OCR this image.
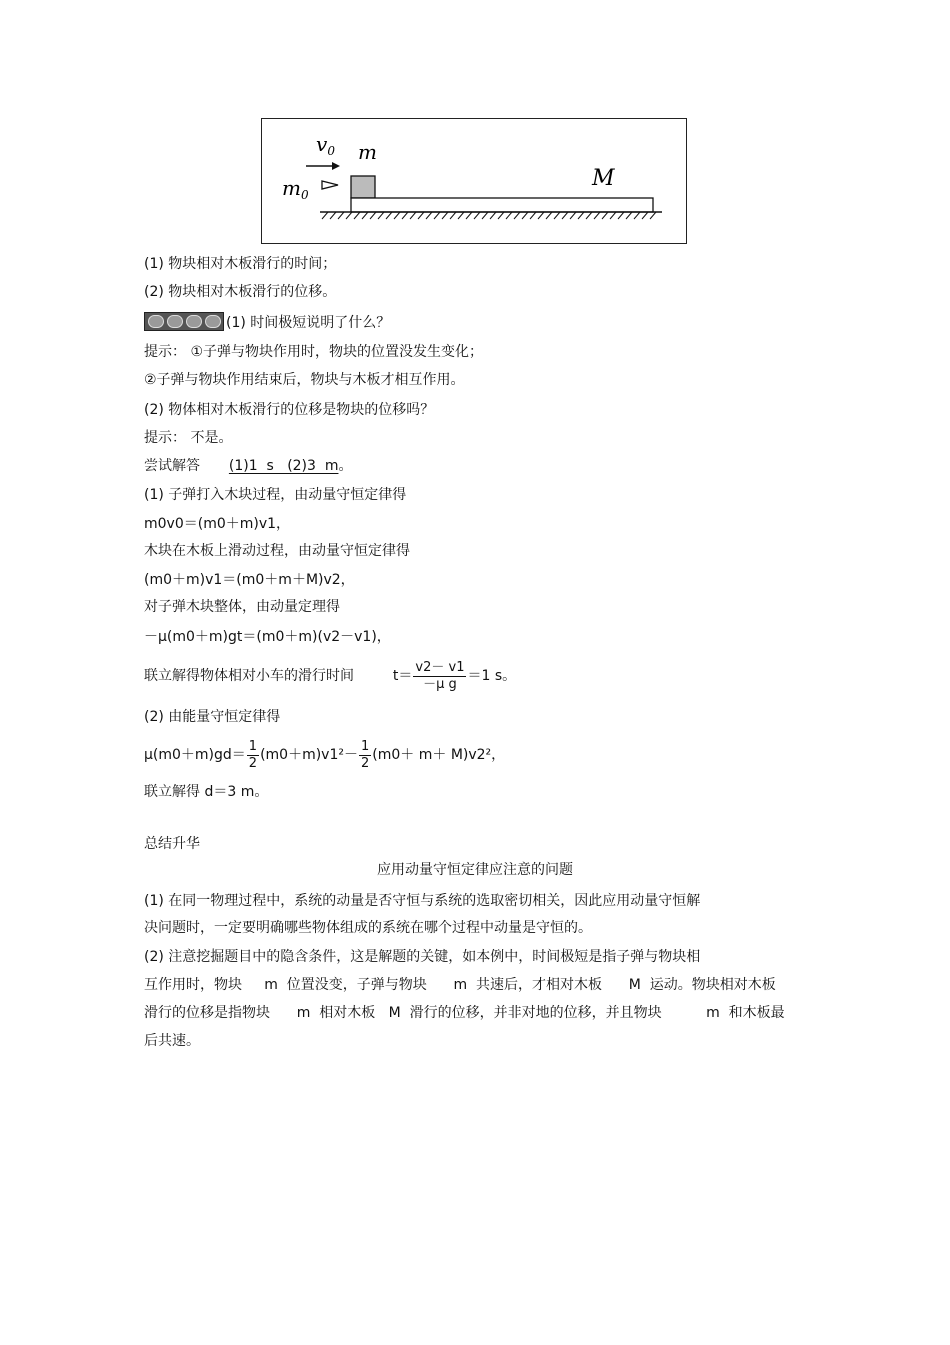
$v_0$ m
$m_0$
M
(1) 物块相对木板滑行的时间；
(2) 物块相对木板滑行的位移。
(1) 时间极短说明了什么？
提示： ①子弹与物块作用时，物块的位置没发生变化；
②子弹与物块作用结束后，物块与木板才相互作用。
(2) 物体相对木板滑行的位移是物块的位移吗？
提示： 不是。
尝试解答 (1)1  s   (2)3  m。
(1) 子弹打入木块过程，由动量守恒定律得
m0v0＝(m0＋m)v1，
木块在木板上滑动过程，由动量守恒定律得
(m0＋m)v1＝(m0＋m＋M)v2，
对子弹木块整体，由动量定理得
－μ(m0＋m)gt＝(m0＋m)(v2－v1)，
联立解得物体相对小车的滑行时间	$t= \frac{v2- v1}{\text{－μ g}} =1$ s。
(2) 由能量守恒定律得
$\mu(m0+m)gd= \frac{1}{2} (m0+m)v1^2- \frac{1}{2} (m0+ m+ M)v2^2$，
联立解得 d＝3 m。
总结升华
应用动量守恒定律应注意的问题
(1) 在同一物理过程中，系统的动量是否守恒与系统的选取密切相关，因此应用动量守恒解
决问题时，一定要明确哪些物体组成的系统在哪个过程中动量是守恒的。
(2) 注意挖掘题目中的隐含条件，这是解题的关键，如本例中，时间极短是指子弹与物块相
互作用时，物块     m  位置没变，子弹与物块      m  共速后，才相对木板      M  运动。物块相对木板
滑行的位移是指物块      m  相对木板   M  滑行的位移，并非对地的位移，并且物块          m  和木板最
后共速。
